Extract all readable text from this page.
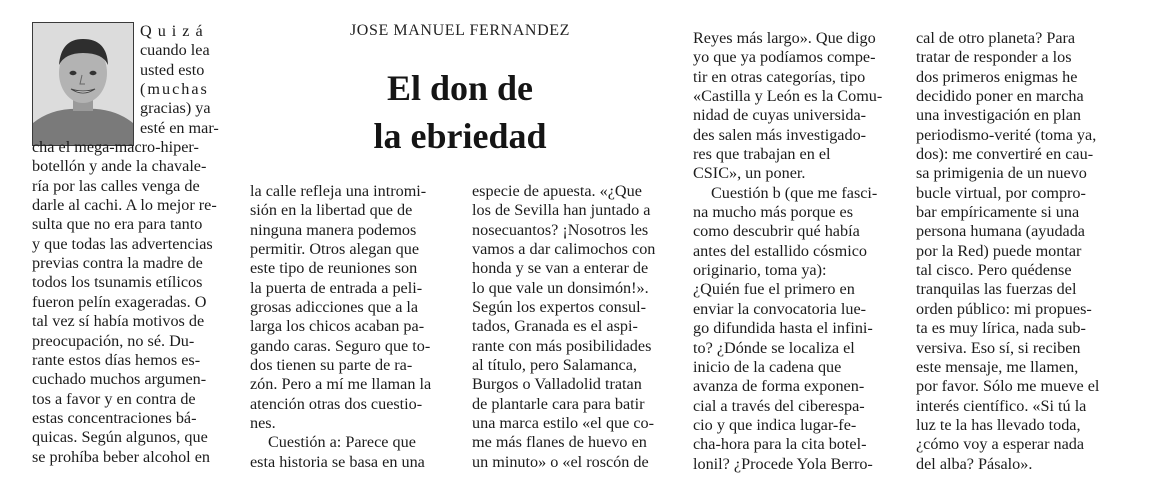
JOSE MANUEL FERNANDEZ
El don de
la ebriedad
Quizá
cuando lea
usted esto
(muchas
gracias) ya
esté en mar-
cha el mega-macro-hiper-
botellón y ande la chavale-
ría por las calles venga de
darle al cachi. A lo mejor re-
sulta que no era para tanto
y que todas las advertencias
previas contra la madre de
todos los tsunamis etílicos
fueron pelín exageradas. O
tal vez sí había motivos de
preocupación, no sé. Du-
rante estos días hemos es-
cuchado muchos argumen-
tos a favor y en contra de
estas concentraciones bá-
quicas. Según algunos, que
se prohíba beber alcohol en
la calle refleja una intromi-
sión en la libertad que de
ninguna manera podemos
permitir. Otros alegan que
este tipo de reuniones son
la puerta de entrada a peli-
grosas adicciones que a la
larga los chicos acaban pa-
gando caras. Seguro que to-
dos tienen su parte de ra-
zón. Pero a mí me llaman la
atención otras dos cuestio-
nes.
Cuestión a: Parece que
esta historia se basa en una
especie de apuesta. «¿Que
los de Sevilla han juntado a
nosecuantos? ¡Nosotros les
vamos a dar calimochos con
honda y se van a enterar de
lo que vale un donsimón!».
Según los expertos consul-
tados, Granada es el aspi-
rante con más posibilidades
al título, pero Salamanca,
Burgos o Valladolid tratan
de plantarle cara para batir
una marca estilo «el que co-
me más flanes de huevo en
un minuto» o «el roscón de
Reyes más largo». Que digo
yo que ya podíamos compe-
tir en otras categorías, tipo
«Castilla y León es la Comu-
nidad de cuyas universida-
des salen más investigado-
res que trabajan en el
CSIC», un poner.
Cuestión b (que me fasci-
na mucho más porque es
como descubrir qué había
antes del estallido cósmico
originario, toma ya):
¿Quién fue el primero en
enviar la convocatoria lue-
go difundida hasta el infini-
to? ¿Dónde se localiza el
inicio de la cadena que
avanza de forma exponen-
cial a través del ciberespa-
cio y que indica lugar-fe-
cha-hora para la cita botel-
lonil? ¿Procede Yola Berro-
cal de otro planeta? Para
tratar de responder a los
dos primeros enigmas he
decidido poner en marcha
una investigación en plan
periodismo-verité (toma ya,
dos): me convertiré en cau-
sa primigenia de un nuevo
bucle virtual, por compro-
bar empíricamente si una
persona humana (ayudada
por la Red) puede montar
tal cisco. Pero quédense
tranquilas las fuerzas del
orden público: mi propues-
ta es muy lírica, nada sub-
versiva. Eso sí, si reciben
este mensaje, me llamen,
por favor. Sólo me mueve el
interés científico. «Si tú la
luz te la has llevado toda,
¿cómo voy a esperar nada
del alba? Pásalo».
